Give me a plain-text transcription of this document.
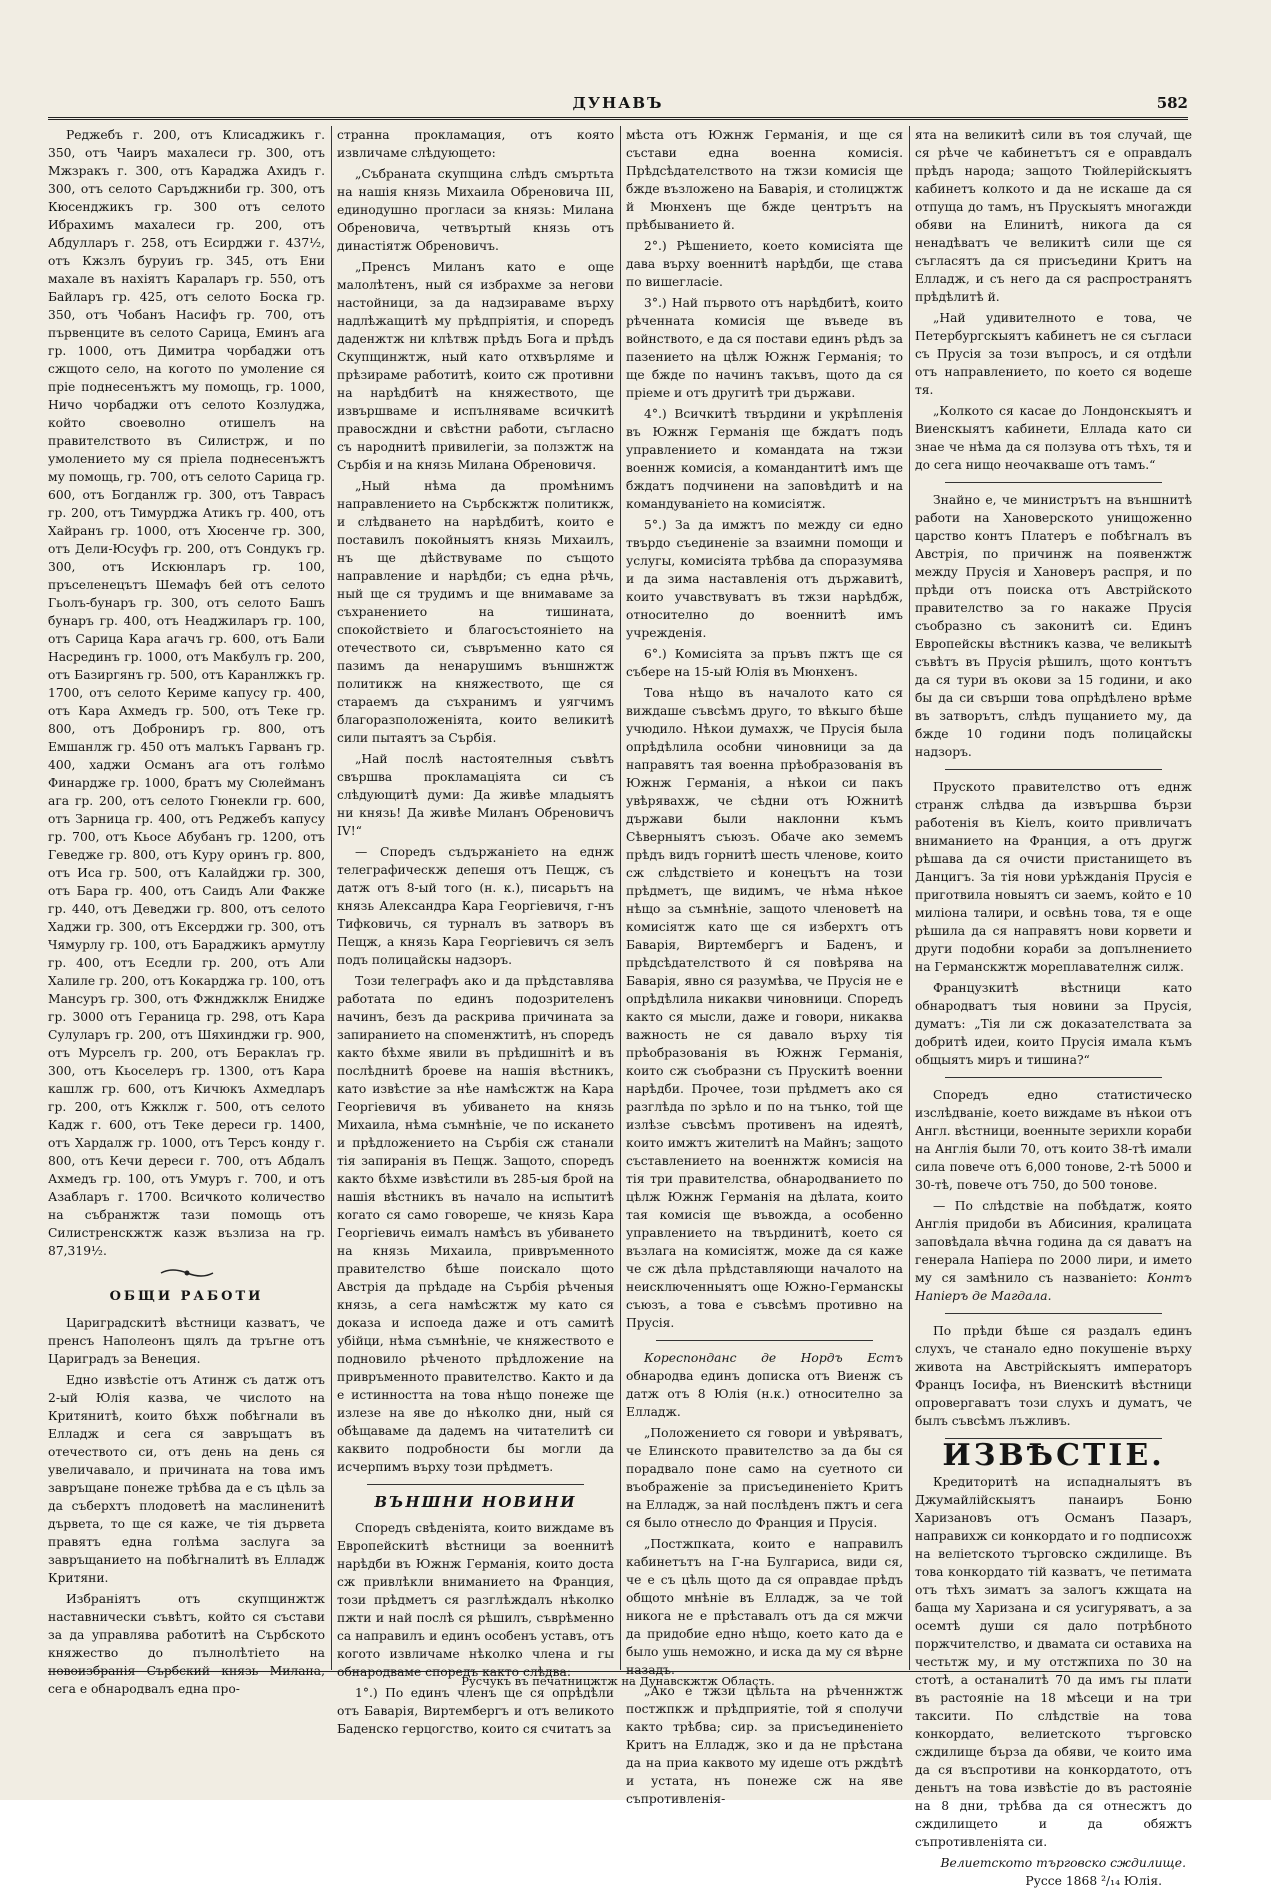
ДУНАВЪ	582

Реджебъ г. 200, отъ Клисаджикъ г. 350, отъ Чаиръ махалеси гр. 300, отъ Мжзракъ г. 300, отъ Караджа Ахидъ г. 300, отъ селото Саръджниби гр. 300, отъ Кюсенджикъ гр. 300 отъ селото Ибрахимъ махалеси гр. 200, отъ Абдулларъ г. 258, отъ Есирджи г. 437½, отъ Кжзлъ буруиъ гр. 345, отъ Ени махале въ нахiятъ Караларъ гр. 550, отъ Байларъ гр. 425, отъ селото Боска гр. 350, отъ Чобанъ Насифъ гр. 700, отъ първенците въ селото Сарица, Еминъ ага гр. 1000, отъ Димитра чорбаджи отъ сжщото село, на когото по умоление ся прiе поднесенъжтъ му помощь, гр. 1000, Ничо чорбаджи отъ селото Козлуджа, който своеволно отишелъ на правителството въ Силистрж, и по умолението му ся прiела поднесенъжтъ му помощь, гр. 700, отъ селото Сарица гр. 600, отъ Богданлж гр. 300, отъ Тавраcъ гр. 200, отъ Тимурджа Атикъ гр. 400, отъ Хайранъ гр. 1000, отъ Хюсенче гр. 300, отъ Дели-Юсуфъ гр. 200, отъ Сондукъ гр. 300, отъ Искюнларъ гр. 100, пръселенецътъ Шемафъ бей отъ селото Гьолъ-бунаръ гр. 300, отъ селото Башъ бунаръ гр. 400, отъ Неаджиларъ гр. 100, отъ Сарица Кара агачъ гр. 600, отъ Бали Насрединъ гр. 1000, отъ Макбулъ гр. 200, отъ Базиргянъ гр. 500, отъ Каранлжкъ гр. 1700, отъ селото Кериме капусу гр. 400, отъ Кара Ахмедъ гр. 500, отъ Теке гр. 800, отъ Доброниръ гр. 800, отъ Емшанлж гр. 450 отъ малъкъ Гарванъ гр. 400, хаджи Османъ ага отъ голѣмо Финарджe гр. 1000, братъ му Сюлейманъ ага гр. 200, отъ селото Гюнекли гр. 600, отъ Зарница гр. 400, отъ Реджебъ капусу гр. 700, отъ Кьосе Абубанъ гр. 1200, отъ Геведже гр. 800, отъ Куру оринъ гр. 800, отъ Иса гр. 500, отъ Калайджи гр. 300, отъ Бара гр. 400, отъ Саидъ Али Факже гр. 440, отъ Деведжи гр. 800, отъ селото Хаджи гр. 300, отъ Ексерджи гр. 300, отъ Чямурлу гр. 100, отъ Бараджикъ армутлу гр. 400, отъ Еседли гр. 200, отъ Али Халиле гр. 200, отъ Кокарджа гр. 100, отъ Мансуръ гр. 300, отъ Фжнджклж Енидже гр. 3000 отъ Гераница гр. 298, отъ Кара Сулуларъ гр. 200, отъ Шяхинджи гр. 900, отъ Мурселъ гр. 200, отъ Бераклаъ гр. 300, отъ Кьоселеръ гр. 1300, отъ Кара кашлж гр. 600, отъ Кичюкъ Ахмедларъ гр. 200, отъ Кжклж г. 500, отъ селото Кадж г. 600, отъ Теке дереси гр. 1400, отъ Хардалж гр. 1000, отъ Терсъ конду г. 800, отъ Кечи дереси г. 700, отъ Абдалъ Ахмедъ гр. 100, отъ Умуръ г. 700, и отъ Азабларъ г. 1700. Всичкото количество на събранжтж тази помощь отъ Силистренскжтж казж възлиза на гр. 87,319½.

ОБЩИ РАБОТИ

Цариградскитѣ вѣстници казватъ, че пренсъ Наполеонъ щялъ да тръгне отъ Цариградъ за Венеция.

Едно извѣстiе отъ Атинж съ датж отъ 2-ый Юлiя казва, че числото на Критянитѣ, които бѣхж побѣгнали въ Елладж и сега ся завръщатъ въ отечеството си, отъ день на день ся увеличавало, и причината на това имъ завръщане понеже трѣбва да е съ цѣль за да съберхтъ плодоветѣ на маслиненитѣ дървета, то ще ся каже, че тiя дървета правятъ една голѣма заслуга за завръщанието на побѣгналитѣ въ Елладж Критяни.

Избранiятъ отъ скупщинжтж наставнически съвѣтъ, който ся състави за да управлява работитѣ на Сърбското княжество до пълнолѣтiето на новоизбранiя Сърбский князь Милана, сега е обнародвалъ една про-

странна прокламация, отъ която извличаме слѣдующето:

„Събраната скупщина слѣдъ смъртьта на нашiя князь Михаила Обреновича III, единодушно прогласи за князь: Милана Обреновича, четвъртый князь отъ династiятж Обреновичъ.

„Пренсъ Миланъ като е още малолѣтенъ, ный ся избрахме за негови настойници, за да надзираваме върху надлѣжащитѣ му прѣдпрiятiя, и споредъ даденжтж ни клѣтвж прѣдъ Бога и прѣдъ Скупщинжтж, ный като отхвърляме и прѣзираме работитѣ, които сж противни на нарѣдбитѣ на княжеството, ще извършваме и испълняваме всичкитѣ правосждни и свѣстни работи, съгласно съ народнитѣ привилегiи, за ползжтж на Сърбiя и на князь Милана Обреновичя.

„Ный нѣма да промѣнимъ направлението на Сърбскжтж политикж, и слѣдването на нарѣдбитѣ, които е поставилъ покойныятъ князь Михаилъ, нъ ще дѣйствуваме по същото направление и нарѣдби; съ една рѣчь, ный ще ся трудимъ и ще внимаваме за съхранението на тишината, спокойствiето и благосъстоянiето на отечеството си, съвръменно като ся пазимъ да ненарушимъ външнжтж политикж на княжеството, ще ся стараемъ да съхранимъ и уягчимъ благоразположенiята, които великитѣ сили пытаятъ за Сърбiя.

„Най послѣ настоятелныя съвѣтъ свършва прокламацiята си съ слѣдующитѣ думи: Да живѣе младыятъ ни князь! Да живѣе Миланъ Обреновичъ IV!“

— Споредъ съдържанiето на еднж телеграфическж депешя отъ Пещж, съ датж отъ 8-ый того (н. к.), писарьтъ на князь Александра Кара Георгiевичя, г-нъ Тифковичь, ся турналъ въ затворъ въ Пещж, а князь Кара Георгiевичъ ся зелъ подъ полицайскы надзоръ.

Този телеграфъ ако и да прѣдставлява работата по единъ подозрителенъ начинъ, безъ да раскрива причината за запиранието на споменжтитѣ, нъ споредъ както бѣхме явили въ прѣдишнiтѣ и въ послѣднитѣ броеве на нашiя вѣстникъ, като извѣстие за нѣе намѣсжтж на Кара Георгiевичя въ убиването на князь Михаила, нѣма съмнѣнiе, че по искането и прѣдложението на Сърбiя сж станали тiя запиранiя въ Пещж. Защото, споредъ както бѣхме извѣстили въ 285-ыя брой на нашiя вѣстникъ въ начало на испытитѣ когато ся само говореше, че князь Кара Георгiевичь еималъ намѣсъ въ убиването на князь Михаила, привръменното правителство бѣше поискало щото Австрiя да прѣдаде на Сърбiя рѣченыя князь, а сега намѣсжтж му като ся доказа и испоеда даже и отъ самитѣ убiйци, нѣма съмнѣнiе, че княжеството е подновило рѣченото прѣдложение на привръменното правителство. Както и да е истинността на това нѣщо понеже ще излезе на яве до нѣколко дни, ный ся обѣщаваме да дадемъ на читателитѣ си каквито подробности бы могли да исчерпимъ върху този прѣдметъ.

ВЪНШНИ НОВИНИ

Споредъ свѣденiята, които виждаме въ Европейскитѣ вѣстници за военнитѣ нарѣдби въ Южнж Германiя, които доста сж привлѣкли вниманието на Франция, този прѣдметъ ся разглѣждалъ нѣколко пжти и най послѣ ся рѣшилъ, съврѣменно са направилъ и единъ особенъ уставъ, отъ когото извличаме нѣколко члена и гы обнародваме споредъ както слѣдва:

1°.) По единъ членъ ще ся опрѣдѣли отъ Баварiя, Виртембергъ и отъ великото Баденско герцогство, които ся считатъ за

мѣста отъ Южнж Германiя, и ще ся състави една военна комисiя. Прѣдсѣдателството на тжзи комисiя ще бжде възложено на Баварiя, и столицжтж й Мюнхенъ ще бжде центрътъ на прѣбыванието й.

2°.) Рѣшението, което комисiята ще дава върху военнитѣ нарѣдби, ще става по вишегласiе.

3°.) Най първото отъ нарѣдбитѣ, които рѣченната комисiя ще въведе въ войнството, е да ся постави единъ рѣдъ за пазението на цѣлж Южнж Германiя; то ще бжде по начинъ такъвъ, щото да ся прiеме и отъ другитѣ три държави.

4°.) Всичкитѣ твърдини и укрѣпленiя въ Южнж Германiя ще бждатъ подъ управлението и командата на тжзи военнж комисiя, а командантитѣ имъ ще бждатъ подчинени на заповѣдитѣ и на командуванiето на комисiятж.

5°.) За да имжтъ по между си едно твърдо съединенiе за взаимни помощи и услугы, комисiята трѣбва да споразумява и да зима наставленiя отъ държавитѣ, които учавствуватъ въ тжзи нарѣдбж, относително до военнитѣ имъ учрежденiя.

6°.) Комисiята за пръвъ пжтъ ще ся събере на 15-ый Юлiя въ Мюнхенъ.

Това нѣщо въ началото като ся виждаше съвсѣмъ друго, то вѣкыго бѣше учюдило. Нѣкои думахж, че Прусiя была опрѣдѣлила особни чиновници за да направятъ тая военна прѣобразованiя въ Южнж Германiя, а нѣкои си пакъ увѣрявахж, че сѣдни отъ Южнитѣ държави были наклонни къмъ Сѣверныятъ съюзъ. Обаче ако земемъ прѣдъ видъ горнитѣ шесть членове, които сж слѣдствiето и конецътъ на този прѣдметъ, ще видимъ, че нѣма нѣкое нѣщо за съмнѣнiе, защото членоветѣ на комисiятж като ще ся изберхтъ отъ Баварiя, Виртембергъ и Баденъ, и прѣдсѣдателството й ся повѣрява на Баварiя, явно ся разумѣва, че Прусiя не е опрѣдѣлила никакви чиновници. Споредъ както ся мысли, даже и говори, никаква важность не ся давало върху тiя прѣобразованiя въ Южнж Германiя, които сж съобразни съ Прускитѣ военни нарѣдби. Прочее, този прѣдметъ ако ся разглѣда по зрѣло и по на тънко, той ще излѣзе съвсѣмъ противенъ на идеятѣ, които имжтъ жителитѣ на Майнъ; защото съставлението на военнжтж комисiя на тiя три правителства, обнародванието по цѣлж Южнж Германiя на дѣлата, които тая комисiя ще въвожда, а особенно управлението на твърдинитѣ, което ся възлага на комисiятж, може да ся каже че сж дѣла прѣдставляющи началото на неисключенныятъ още Южно-Германскы съюзъ, а това е съвсѣмъ противно на Прусiя.

Кореспонданс де Нордъ Естъ обнародва единъ дописка отъ Виенж съ датж отъ 8 Юлiя (н.к.) относително за Елладж.

„Положението ся говори и увѣряватъ, че Елинското правителство за да бы ся порадвало поне само на суетното си въображенiе за присъединенiето Критъ на Елладж, за най послѣденъ пжтъ и сега ся было отнесло до Франция и Прусiя.

„Постжпката, които е направилъ кабинетътъ на Г-на Булгариса, види ся, че е съ цѣль щото да ся оправдае прѣдъ общото мнѣнiе въ Елладж, за че той никога не е прѣставалъ отъ да ся мжчи да придобие едно нѣщо, което като да е было ушь неможно, и иска да му ся вѣрне назадъ.

„Ако е тжзи цѣльта на рѣченнжтж постжпкж и прѣдприятiе, той я сполучи както трѣбва; сир. за присъединенiето Критъ на Елладж, зко и да не прѣстана да на приа каквото му идеше отъ рждѣтѣ и устата, нъ понеже сж на яве съпротивленiя-

ята на великитѣ сили въ тоя случай, ще ся рѣче че кабинетътъ ся е оправдалъ прѣдъ народа; защото Тюйлерiйскыятъ кабинетъ колкото и да не искаше да ся отпуща до тамъ, нъ Прускыятъ многажди обяви на Елинитѣ, никога да ся ненадѣватъ че великитѣ сили ще ся съгласятъ да ся присъедини Критъ на Елладж, и съ него да ся распространятъ прѣдѣлитѣ й.

„Най удивителното е това, че Петербургскыятъ кабинетъ не ся съгласи съ Прусiя за този въпросъ, и ся отдѣли отъ направлението, по което ся водеше тя.

„Колкото ся касае до Лондонскыятъ и Виенскыятъ кабинети, Еллада като си знае че нѣма да ся ползува отъ тѣхъ, тя и до сега нищо неочакваше отъ тамъ.“

Знайно е, че министрътъ на външнитѣ работи на Хановерското унищоженно царство контъ Платеръ е побѣгналъ въ Австрiя, по причинж на появенжтж между Прусiя и Хановеръ распря, и по прѣди отъ поиска отъ Австрiйското правителство за го накаже Прусiя съобразно съ законитѣ си. Единъ Европейскы вѣстникъ казва, че великытѣ съвѣтъ въ Прусiя рѣшилъ, щото контътъ да ся тури въ окови за 15 години, и ако бы да си свърши това опрѣдѣлено врѣме въ затворътъ, слѣдъ пущанието му, да бжде 10 години подъ полицайскы надзоръ.

Пруското правителство отъ еднж странж слѣдва да извършва бързи работенiя въ Кiелъ, които привличатъ вниманието на Франция, а отъ другж рѣшава да ся очисти пристанището въ Данцигъ. За тiя нови урѣжданiя Прусiя е приготвила новыятъ си заемъ, който е 10 милiона талири, и освѣнь това, тя е още рѣшила да ся направятъ нови корвети и други подобни кораби за допълнението на Германскжтж мореплавателнж силж.

Французкитѣ вѣстници като обнародватъ тыя новини за Прусiя, думатъ: „Тiя ли сж доказателствата за добритѣ идеи, които Прусiя имала къмъ общыятъ миръ и тишина?“

Споредъ едно статистическо изслѣдванiе, което виждаме въ нѣкои отъ Англ. вѣстници, военныте зерихли кораби на Англiя были 70, отъ които 38-тѣ имали сила повече отъ 6,000 тонове, 2-тѣ 5000 и 30-тѣ, повече отъ 750, до 500 тонове.

— По слѣдствiе на побѣдатж, която Англiя придоби въ Абисиния, кралицата заповѣдала вѣчна година да ся даватъ на генерала Напiера по 2000 лири, и името му ся замѣнило съ названiето: Контъ Напiеръ де Магдала.

По прѣди бѣше ся раздалъ единъ слухъ, че станало едно покушенiе върху живота на Австрiйскыятъ императоръ Францъ Iосифа, нъ Виенскитѣ вѣстници опровергаватъ този слухъ и думатъ, че былъ съвсѣмъ лъжливъ.

ИЗВѢСТIЕ.

Кредиторитѣ на испадналыятъ въ Джумайлiйскыятъ панаиръ Боню Харизановъ отъ Османъ Пазаръ, направихж си конкордато и го подписохж на велiетското търговско сждилище. Въ това конкордато тiй казватъ, че петимата отъ тѣхъ зиматъ за залогъ кжщата на баща му Харизана и ся усигуряватъ, а за осемтѣ души ся дало потрѣбното поржчителство, и двамата си оставиха на честьтж му, и му отстжпиха по 30 на стотѣ, а останалитѣ 70 да имъ гы плати въ растоянiе на 18 мѣсеци и на три таксити. По слѣдствiе на това конкордато, велиетското търговско сждилище бърза да обяви, че които има да ся въспротиви на конкордатото, отъ деньтъ на това извѣстiе до въ растоянiе на 8 дни, трѣбва да ся отнесжтъ до сждилището и да обяжтъ съпротивленiята си.

Велиетското търговско сждилище.
Руссе 1868 ²/₁₄ Юлiя.
Русчукъ въ печатницжтж на Дунавскжтж Область.
